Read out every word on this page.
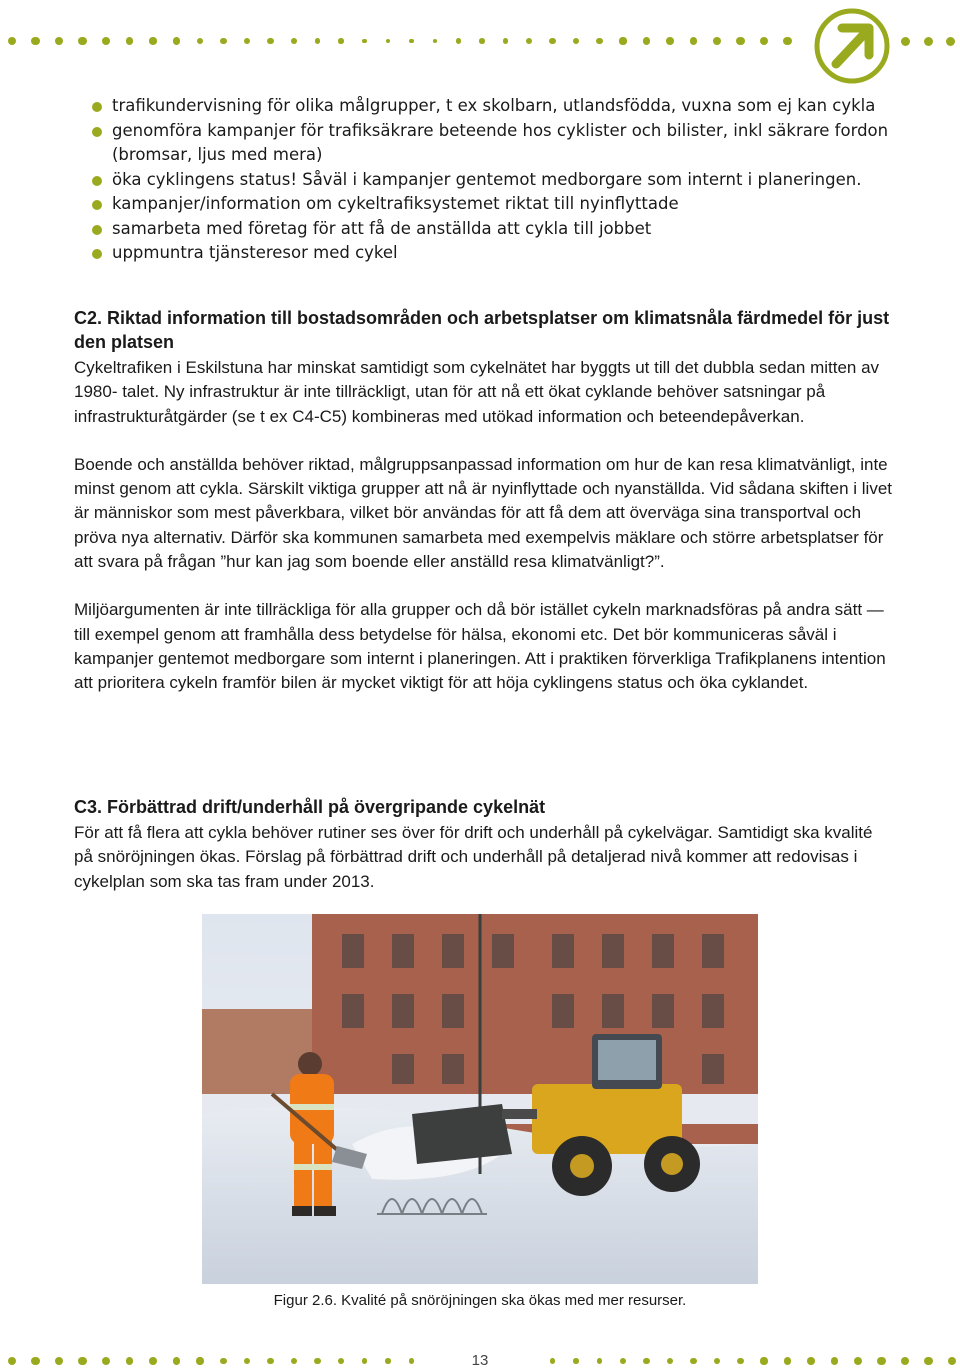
trafikundervisning för olika målgrupper, t ex skolbarn, utlandsfödda, vuxna som ej kan cykla
genomföra kampanjer för trafiksäkrare beteende hos cyklister och bilister, inkl säkrare fordon (bromsar, ljus med mera)
öka cyklingens status! Såväl i kampanjer gentemot medborgare som internt i planeringen.
kampanjer/information om cykeltrafiksystemet riktat till nyinflyttade
samarbeta med företag för att få de anställda att cykla till jobbet
uppmuntra tjänsteresor med cykel

C2. Riktad information till bostadsområden och arbetsplatser om klimatsnåla färdmedel för just den platsen

Cykeltrafiken i Eskilstuna har minskat samtidigt som cykelnätet har byggts ut till det dubbla sedan mitten av 1980- talet. Ny infrastruktur är inte tillräckligt, utan för att nå ett ökat cyklande behöver satsningar på infrastrukturåtgärder (se t ex C4-C5) kombineras med utökad information och beteendepåverkan.

Boende och anställda behöver riktad, målgruppsanpassad information om hur de kan resa klimatvänligt, inte minst genom att cykla. Särskilt viktiga grupper att nå är nyinflyttade och nyanställda. Vid sådana skiften i livet är människor som mest påverkbara, vilket bör användas för att få dem att överväga sina transportval och pröva nya alternativ. Därför ska kommunen samarbeta med exempelvis mäklare och större arbetsplatser för att svara på frågan ”hur kan jag som boende eller anställd resa klimatvänligt?”.

Miljöargumenten är inte tillräckliga för alla grupper och då bör istället cykeln marknadsföras på andra sätt — till exempel genom att framhålla dess betydelse för hälsa, ekonomi etc. Det bör kommuniceras såväl i kampanjer gentemot medborgare som internt i planeringen. Att i praktiken förverkliga Trafikplanens intention att prioritera cykeln framför bilen är mycket viktigt för att höja cyklingens status och öka cyklandet.

C3. Förbättrad drift/underhåll på övergripande cykelnät

För att få flera att cykla behöver rutiner ses över för drift och underhåll på cykelvägar. Samtidigt ska kvalité på snöröjningen ökas. Förslag på förbättrad drift och underhåll på detaljerad nivå kommer att redovisas i cykelplan som ska tas fram under 2013.

Figur 2.6. Kvalité på snöröjningen ska ökas med mer resurser.
13
